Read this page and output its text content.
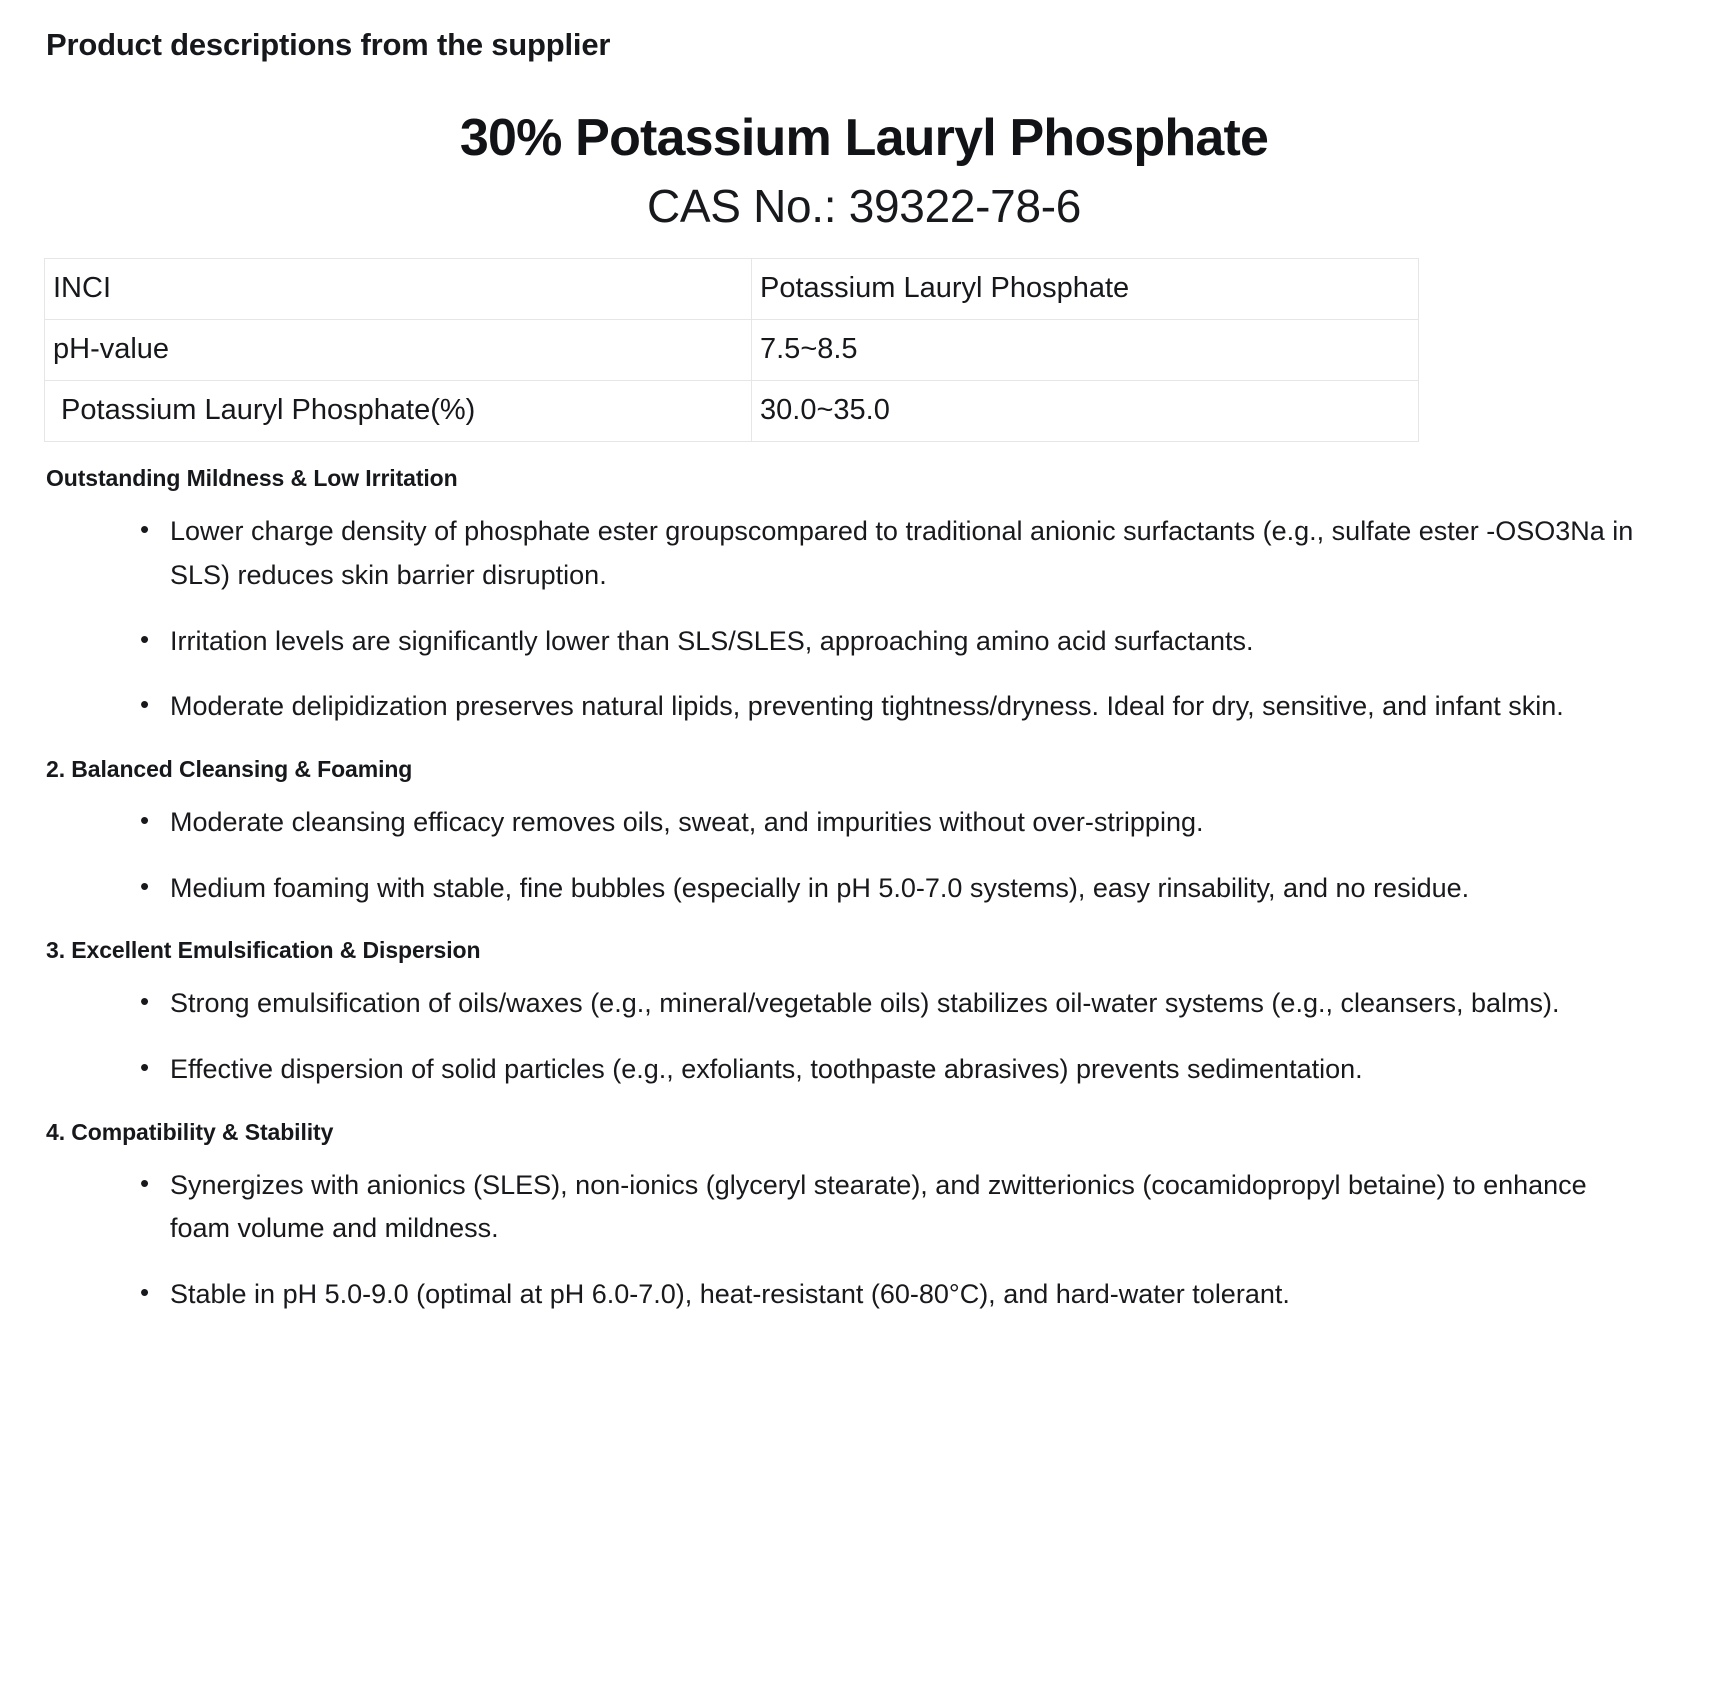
Product descriptions from the supplier
30% Potassium Lauryl Phosphate
CAS No.: 39322-78-6
INCI	Potassium Lauryl Phosphate
pH-value	7.5~8.5
Potassium Lauryl Phosphate(%)	30.0~35.0
Outstanding Mildness & Low Irritation
• Lower charge density of phosphate ester groupscompared to traditional anionic surfactants (e.g., sulfate ester -OSO3Na in SLS) reduces skin barrier disruption.
• Irritation levels are significantly lower than SLS/SLES, approaching amino acid surfactants.
• Moderate delipidization preserves natural lipids, preventing tightness/dryness. Ideal for dry, sensitive, and infant skin.
2. Balanced Cleansing & Foaming
• Moderate cleansing efficacy removes oils, sweat, and impurities without over-stripping.
• Medium foaming with stable, fine bubbles (especially in pH 5.0-7.0 systems), easy rinsability, and no residue.
3. Excellent Emulsification & Dispersion
• Strong emulsification of oils/waxes (e.g., mineral/vegetable oils) stabilizes oil-water systems (e.g., cleansers, balms).
• Effective dispersion of solid particles (e.g., exfoliants, toothpaste abrasives) prevents sedimentation.
4. Compatibility & Stability
• Synergizes with anionics (SLES), non-ionics (glyceryl stearate), and zwitterionics (cocamidopropyl betaine) to enhance foam volume and mildness.
• Stable in pH 5.0-9.0 (optimal at pH 6.0-7.0), heat-resistant (60-80°C), and hard-water tolerant.
